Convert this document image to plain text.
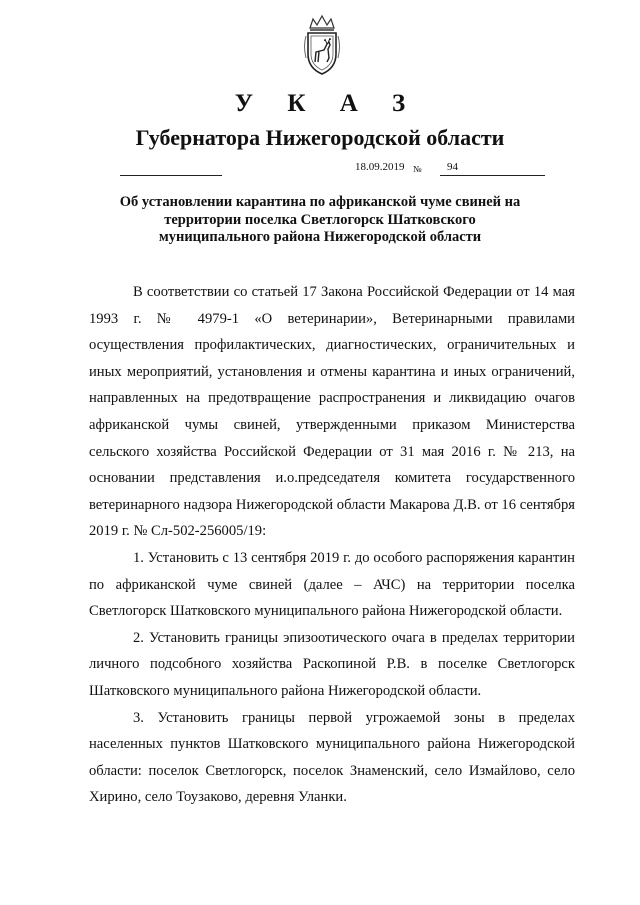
У К А З
Губернатора Нижегородской области
18.09.2019 № 94
Об установлении карантина по африканской чуме свиней на
территории поселка Светлогорск Шатковского
муниципального района Нижегородской области

В соответствии со статьей 17 Закона Российской Федерации от 14 мая 1993 г. № 4979-1 «О ветеринарии», Ветеринарными правилами осуществления профилактических, диагностических, ограничительных и иных мероприятий, установления и отмены карантина и иных ограничений, направленных на предотвращение распространения и ликвидацию очагов африканской чумы свиней, утвержденными приказом Министерства сельского хозяйства Российской Федерации от 31 мая 2016 г. № 213, на основании представления и.о.председателя комитета государственного ветеринарного надзора Нижегородской области Макарова Д.В. от 16 сентября 2019 г. № Сл-502-256005/19:

1. Установить с 13 сентября 2019 г. до особого распоряжения карантин по африканской чуме свиней (далее – АЧС) на территории поселка Светлогорск Шатковского муниципального района Нижегородской области.

2. Установить границы эпизоотического очага в пределах территории личного подсобного хозяйства Раскопиной Р.В. в поселке Светлогорск Шатковского муниципального района Нижегородской области.

3. Установить границы первой угрожаемой зоны в пределах населенных пунктов Шатковского муниципального района Нижегородской области: поселок Светлогорск, поселок Знаменский, село Измайлово, село Хирино, село Тоузаково, деревня Уланки.
